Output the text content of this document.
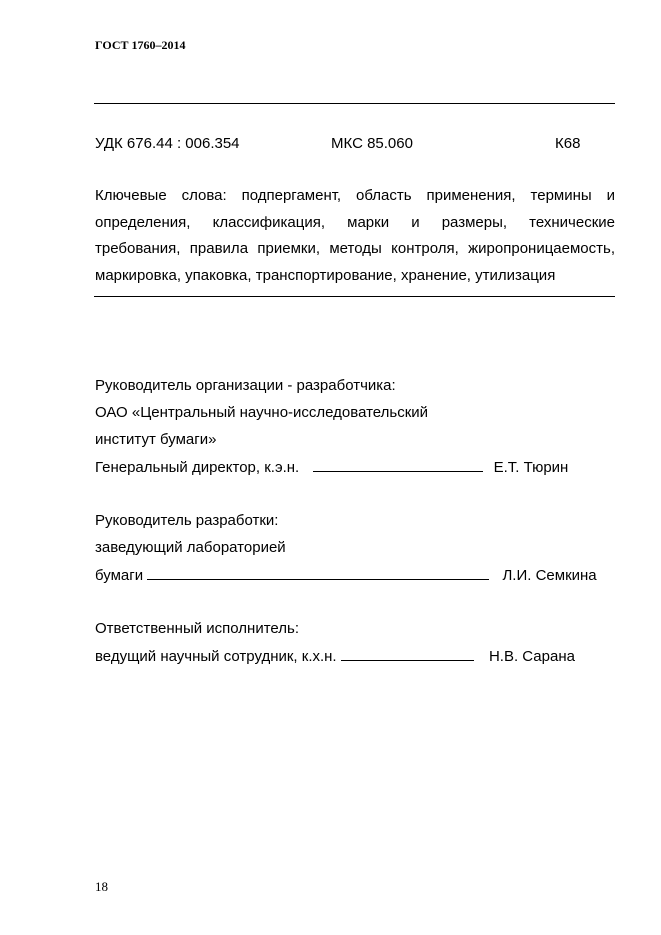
ГОСТ 1760–2014
УДК 676.44 : 006.354	МКС 85.060	К68
Ключевые слова: подпергамент, область применения, термины и
определения, классификация, марки и размеры, технические
требования, правила приемки, методы контроля, жиропроницаемость,
маркировка, упаковка, транспортирование, хранение, утилизация
Руководитель организации - разработчика:
ОАО «Центральный научно-исследовательский
институт бумаги»
Генеральный директор, к.э.н.	Е.Т. Тюрин
Руководитель разработки:
заведующий лабораторией
бумаги	Л.И. Семкина
Ответственный исполнитель:
ведущий научный сотрудник, к.х.н.	Н.В. Сарана
18
